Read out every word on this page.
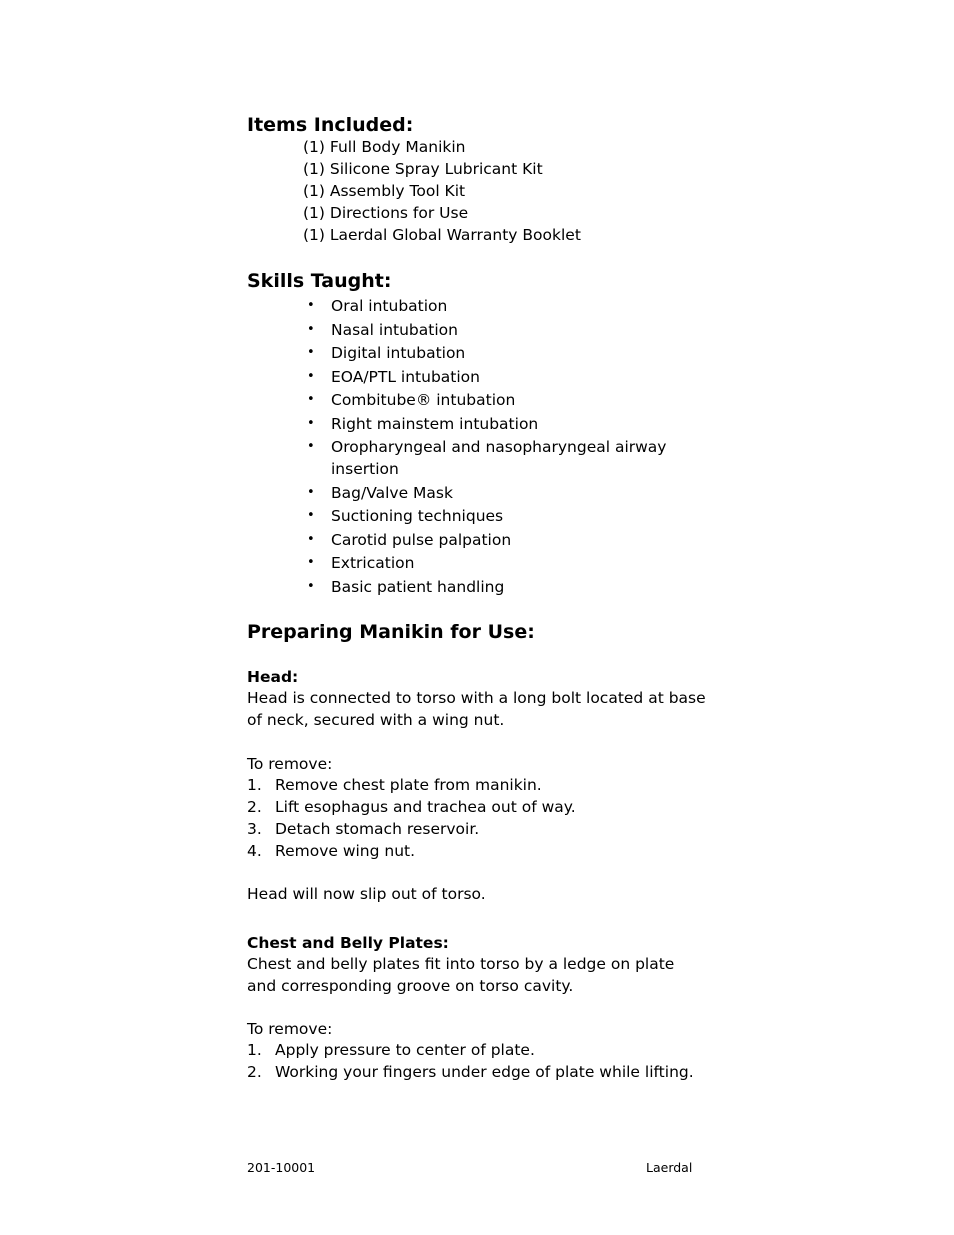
Items Included:
(1) Full Body Manikin
(1) Silicone Spray Lubricant Kit
(1) Assembly Tool Kit
(1) Directions for Use
(1) Laerdal Global Warranty Booklet
Skills Taught:
• Oral intubation
• Nasal intubation
• Digital intubation
• EOA/PTL intubation
• Combitube® intubation
• Right mainstem intubation
• Oropharyngeal and nasopharyngeal airway insertion
• Bag/Valve Mask
• Suctioning techniques
• Carotid pulse palpation
• Extrication
• Basic patient handling
Preparing Manikin for Use:
Head:
Head is connected to torso with a long bolt located at base of neck, secured with a wing nut.
To remove:
1. Remove chest plate from manikin.
2. Lift esophagus and trachea out of way.
3. Detach stomach reservoir.
4. Remove wing nut.
Head will now slip out of torso.
Chest and Belly Plates:
Chest and belly plates fit into torso by a ledge on plate and corresponding groove on torso cavity.
To remove:
1. Apply pressure to center of plate.
2. Working your fingers under edge of plate while lifting.
201-10001	Laerdal
